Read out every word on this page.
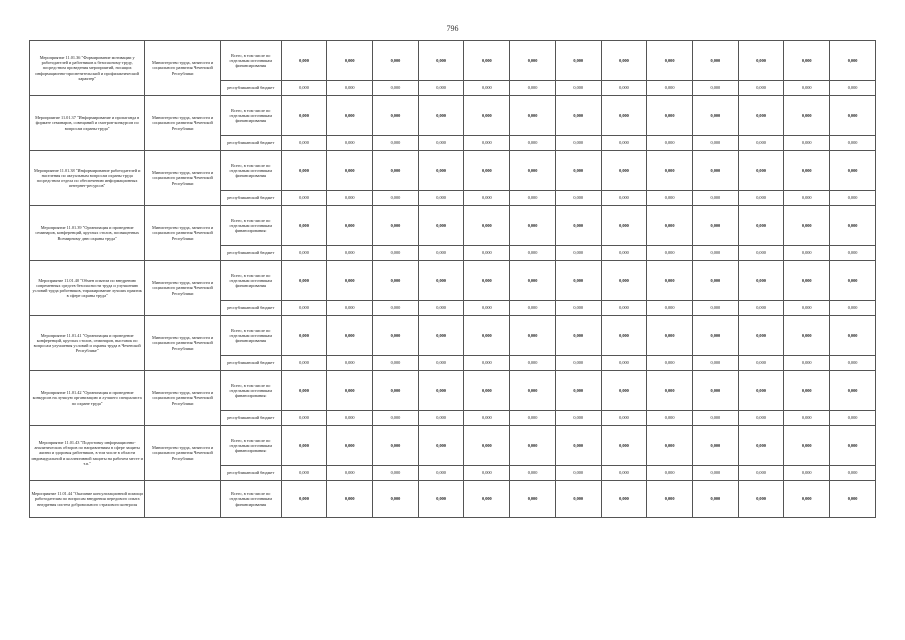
796
Мероприятие 11.01.36 "Формирование мотивации у работодателей и работников к безопасному труду, посредством проведения мероприятий, носящих информационно-просветительский и профилактический характер"	Министерство труда, занятости и социального развития Чеченской Республики	Всего, в том числе по отдельным источникам финансирования	0,000	0,000	0,000	0,000	0,000	0,000	0,000	0,000	0,000	0,000	0,000	0,000	0,000
		республиканский бюджет	0,000	0,000	0,000	0,000	0,000	0,000	0,000	0,000	0,000	0,000	0,000	0,000	0,000
Мероприятие 11.01.37 "Информирование и пропаганда в формате семинаров, совещаний и смотров-конкурсов по вопросам охраны труда"	Министерство труда, занятости и социального развития Чеченской Республики	Всего, в том числе по отдельным источникам финансирования	0,000	0,000	0,000	0,000	0,000	0,000	0,000	0,000	0,000	0,000	0,000	0,000	0,000
		республиканский бюджет	0,000	0,000	0,000	0,000	0,000	0,000	0,000	0,000	0,000	0,000	0,000	0,000	0,000
Мероприятие 11.01.38 "Информирование работодателей и населения по актуальным вопросам охраны труда посредством отдела по обеспечению информационных интернет-ресурсов"	Министерство труда, занятости и социального развития Чеченской Республики	Всего, в том числе по отдельным источникам финансирования	0,000	0,000	0,000	0,000	0,000	0,000	0,000	0,000	0,000	0,000	0,000	0,000	0,000
		республиканский бюджет	0,000	0,000	0,000	0,000	0,000	0,000	0,000	0,000	0,000	0,000	0,000	0,000	0,000
Мероприятие 11.01.39 "Организация и проведение семинаров, конференций, круглых столов, посвященных Всемирному дню охраны труда"	Министерство труда, занятости и социального развития Чеченской Республики	Всего, в том числе по отдельным источникам финансирования:	0,000	0,000	0,000	0,000	0,000	0,000	0,000	0,000	0,000	0,000	0,000	0,000	0,000
		республиканский бюджет	0,000	0,000	0,000	0,000	0,000	0,000	0,000	0,000	0,000	0,000	0,000	0,000	0,000
Мероприятие 11.01.40 "Обмен опытом по внедрению современных средств безопасности труда и улучшению условий труда работников, тиражирование лучших практик в сфере охраны труда"	Министерство труда, занятости и социального развития Чеченской Республики	Всего, в том числе по отдельным источникам финансирования	0,000	0,000	0,000	0,000	0,000	0,000	0,000	0,000	0,000	0,000	0,000	0,000	0,000
		республиканский бюджет	0,000	0,000	0,000	0,000	0,000	0,000	0,000	0,000	0,000	0,000	0,000	0,000	0,000
Мероприятие 11.01.41 "Организация и проведение конференций, круглых столов, семинаров, выставок по вопросам улучшения условий и охраны труда в Чеченской Республике"	Министерство труда, занятости и социального развития Чеченской Республики	Всего, в том числе по отдельным источникам финансирования	0,000	0,000	0,000	0,000	0,000	0,000	0,000	0,000	0,000	0,000	0,000	0,000	0,000
		республиканский бюджет	0,000	0,000	0,000	0,000	0,000	0,000	0,000	0,000	0,000	0,000	0,000	0,000	0,000
Мероприятие 11.01.42 "Организация и проведение конкурсов на лучшую организацию и лучшего специалиста по охране труда"	Министерство труда, занятости и социального развития Чеченской Республики	Всего, в том числе по отдельным источникам финансирования:	0,000	0,000	0,000	0,000	0,000	0,000	0,000	0,000	0,000	0,000	0,000	0,000	0,000
		республиканский бюджет	0,000	0,000	0,000	0,000	0,000	0,000	0,000	0,000	0,000	0,000	0,000	0,000	0,000
Мероприятие 11.01.43 "Подготовку информационно-аналитических обзоров по направлениям в сфере защиты жизни и здоровья работников, в том числе в области индивидуальной и коллективной защиты на рабочем месте и т.п."	Министерство труда, занятости и социального развития Чеченской Республики	Всего, в том числе по отдельным источникам финансирования:	0,000	0,000	0,000	0,000	0,000	0,000	0,000	0,000	0,000	0,000	0,000	0,000	0,000
		республиканский бюджет	0,000	0,000	0,000	0,000	0,000	0,000	0,000	0,000	0,000	0,000	0,000	0,000	0,000
Мероприятие 11.01.44 "Оказание консультационной помощи работодателям по вопросам внедрения передового опыта внедрения систем добровольного страхового контроля		Всего, в том числе по отдельным источникам финансирования	0,000	0,000	0,000	0,000	0,000	0,000	0,000	0,000	0,000	0,000	0,000	0,000	0,000
